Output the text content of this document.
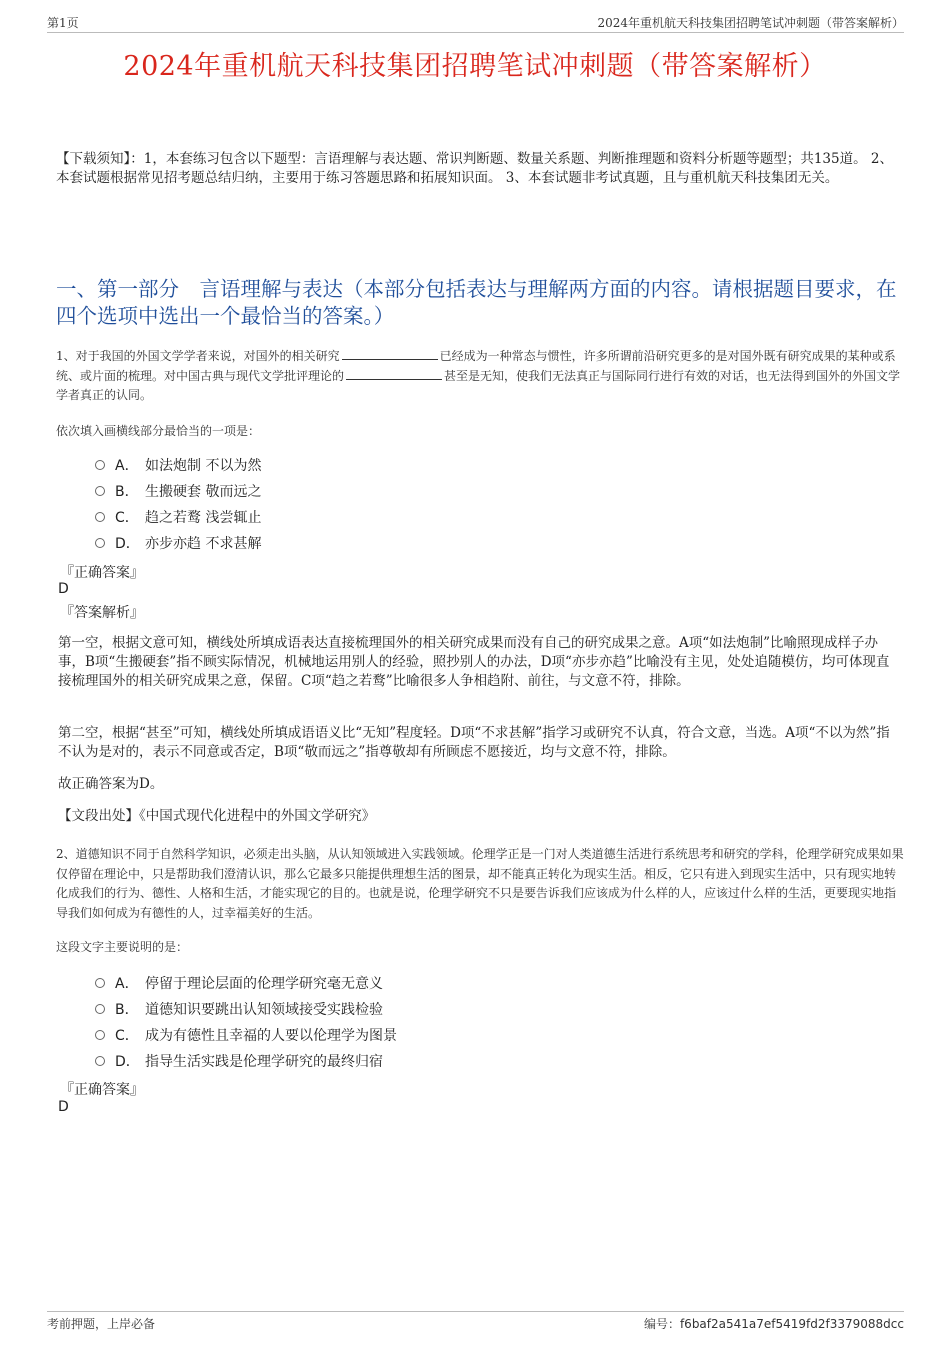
第1页	2024年重机航天科技集团招聘笔试冲刺题（带答案解析）
2024年重机航天科技集团招聘笔试冲刺题（带答案解析）
【下载须知】：1，本套练习包含以下题型：言语理解与表达题、常识判断题、数量关系题、判断推理题和资料分析题等题型；共135道。 2、本套试题根据常见招考题总结归纳，主要用于练习答题思路和拓展知识面。 3、本套试题非考试真题，且与重机航天科技集团无关。
一、第一部分　言语理解与表达（本部分包括表达与理解两方面的内容。请根据题目要求，在四个选项中选出一个最恰当的答案。）
1、对于我国的外国文学学者来说，对国外的相关研究	已经成为一种常态与惯性，许多所谓前沿研究更多的是对国外既有研究成果的某种或系统、或片面的梳理。对中国古典与现代文学批评理论的	甚至是无知，使我们无法真正与国际同行进行有效的对话，也无法得到国外的外国文学学者真正的认同。
依次填入画横线部分最恰当的一项是：
A． 如法炮制 不以为然
B． 生搬硬套 敬而远之
C． 趋之若鹜 浅尝辄止
D． 亦步亦趋 不求甚解
『正确答案』
D
『答案解析』
第一空，根据文意可知，横线处所填成语表达直接梳理国外的相关研究成果而没有自己的研究成果之意。A项“如法炮制”比喻照现成样子办事，B项“生搬硬套”指不顾实际情况，机械地运用别人的经验，照抄别人的办法，D项“亦步亦趋”比喻没有主见，处处追随模仿，均可体现直接梳理国外的相关研究成果之意，保留。C项“趋之若鹜”比喻很多人争相趋附、前往，与文意不符，排除。
第二空，根据“甚至”可知，横线处所填成语语义比“无知”程度轻。D项“不求甚解”指学习或研究不认真，符合文意，当选。A项“不以为然”指不认为是对的，表示不同意或否定，B项“敬而远之”指尊敬却有所顾虑不愿接近，均与文意不符，排除。
故正确答案为D。
【文段出处】《中国式现代化进程中的外国文学研究》
2、道德知识不同于自然科学知识，必须走出头脑，从认知领域进入实践领域。伦理学正是一门对人类道德生活进行系统思考和研究的学科，伦理学研究成果如果仅停留在理论中，只是帮助我们澄清认识，那么它最多只能提供理想生活的图景，却不能真正转化为现实生活。相反，它只有进入到现实生活中，只有现实地转化成我们的行为、德性、人格和生活，才能实现它的目的。也就是说，伦理学研究不只是要告诉我们应该成为什么样的人，应该过什么样的生活，更要现实地指导我们如何成为有德性的人，过幸福美好的生活。
这段文字主要说明的是：
A． 停留于理论层面的伦理学研究毫无意义
B． 道德知识要跳出认知领域接受实践检验
C． 成为有德性且幸福的人要以伦理学为图景
D． 指导生活实践是伦理学研究的最终归宿
『正确答案』
D
考前押题，上岸必备	编号：f6baf2a541a7ef5419fd2f3379088dcc
